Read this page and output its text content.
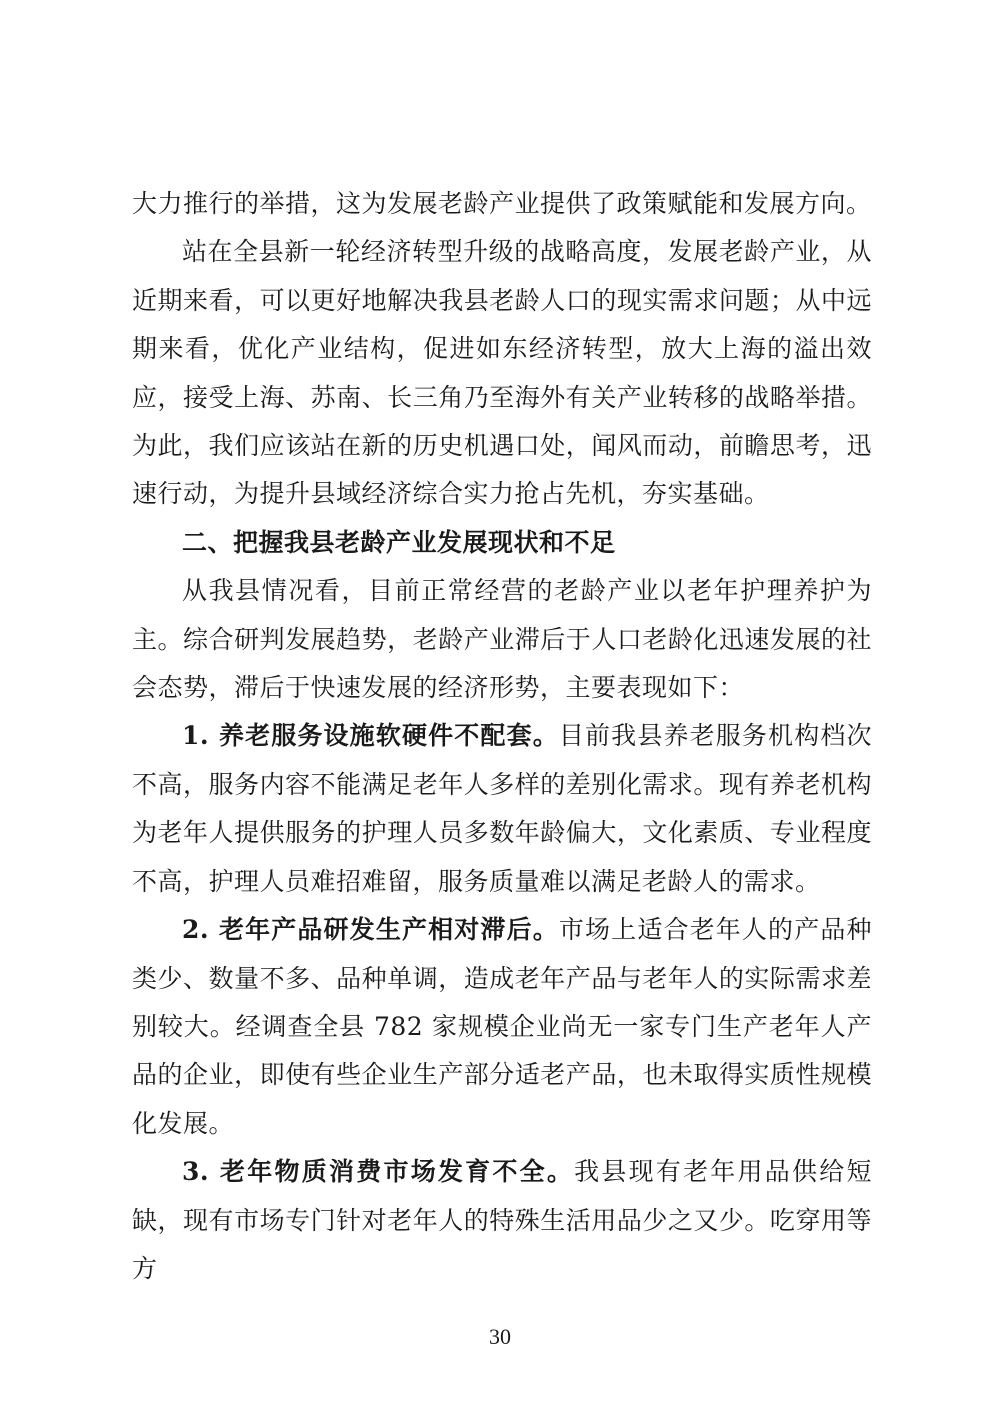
大力推行的举措，这为发展老龄产业提供了政策赋能和发展方向。

站在全县新一轮经济转型升级的战略高度，发展老龄产业，从近期来看，可以更好地解决我县老龄人口的现实需求问题；从中远期来看，优化产业结构，促进如东经济转型，放大上海的溢出效应，接受上海、苏南、长三角乃至海外有关产业转移的战略举措。为此，我们应该站在新的历史机遇口处，闻风而动，前瞻思考，迅速行动，为提升县域经济综合实力抢占先机，夯实基础。

二、把握我县老龄产业发展现状和不足

从我县情况看，目前正常经营的老龄产业以老年护理养护为主。综合研判发展趋势，老龄产业滞后于人口老龄化迅速发展的社会态势，滞后于快速发展的经济形势，主要表现如下：

1. 养老服务设施软硬件不配套。目前我县养老服务机构档次不高，服务内容不能满足老年人多样的差别化需求。现有养老机构为老年人提供服务的护理人员多数年龄偏大，文化素质、专业程度不高，护理人员难招难留，服务质量难以满足老龄人的需求。

2. 老年产品研发生产相对滞后。市场上适合老年人的产品种类少、数量不多、品种单调，造成老年产品与老年人的实际需求差别较大。经调查全县 782 家规模企业尚无一家专门生产老年人产品的企业，即使有些企业生产部分适老产品，也未取得实质性规模化发展。

3. 老年物质消费市场发育不全。我县现有老年用品供给短缺，现有市场专门针对老年人的特殊生活用品少之又少。吃穿用等方

30
